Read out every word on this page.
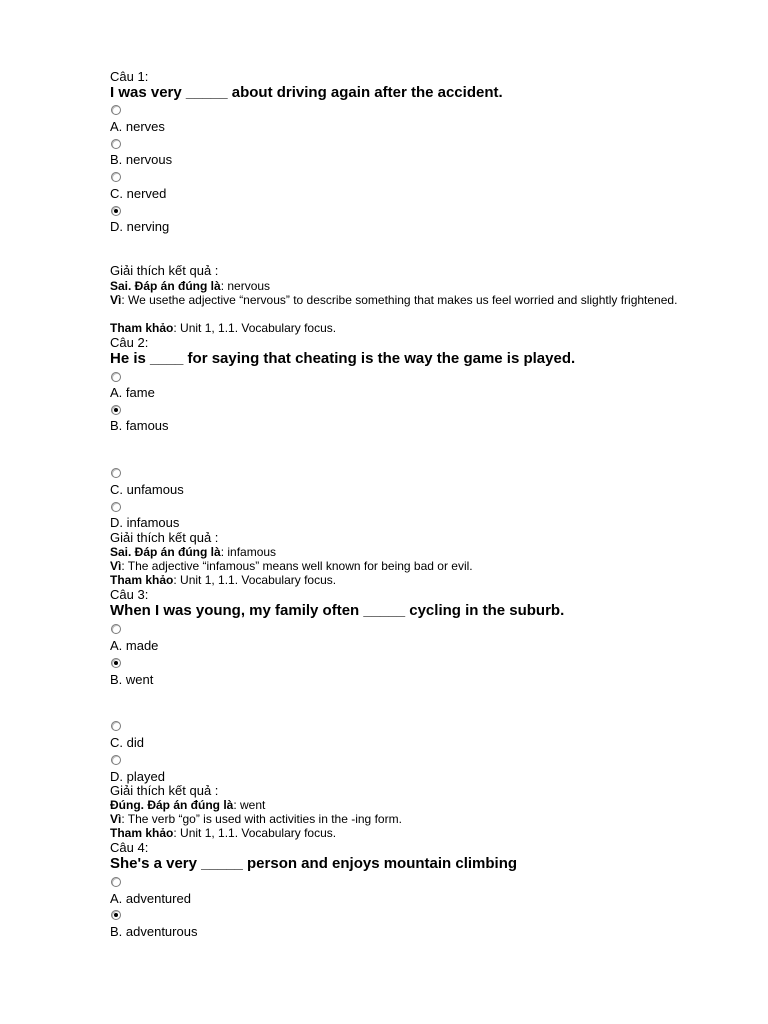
Câu 1:
I was very _____ about driving again after the accident.
A. nerves
B. nervous
C. nerved
D. nerving
Giải thích kết quả :
Sai. Đáp án đúng là: nervous
Vì: We usethe adjective “nervous” to describe something that makes us feel worried and slightly frightened.
Tham khảo: Unit 1, 1.1. Vocabulary focus.
Câu 2:
He is ____ for saying that cheating is the way the game is played.
A. fame
B. famous
C. unfamous
D. infamous
Giải thích kết quả :
Sai. Đáp án đúng là: infamous
Vì: The adjective “infamous” means well known for being bad or evil.
Tham khảo: Unit 1, 1.1. Vocabulary focus.
Câu 3:
When I was young, my family often _____ cycling in the suburb.
A. made
B. went
C. did
D. played
Giải thích kết quả :
Đúng. Đáp án đúng là: went
Vì: The verb “go” is used with activities in the -ing form.
Tham khảo: Unit 1, 1.1. Vocabulary focus.
Câu 4:
She's a very _____ person and enjoys mountain climbing
A. adventured
B. adventurous
